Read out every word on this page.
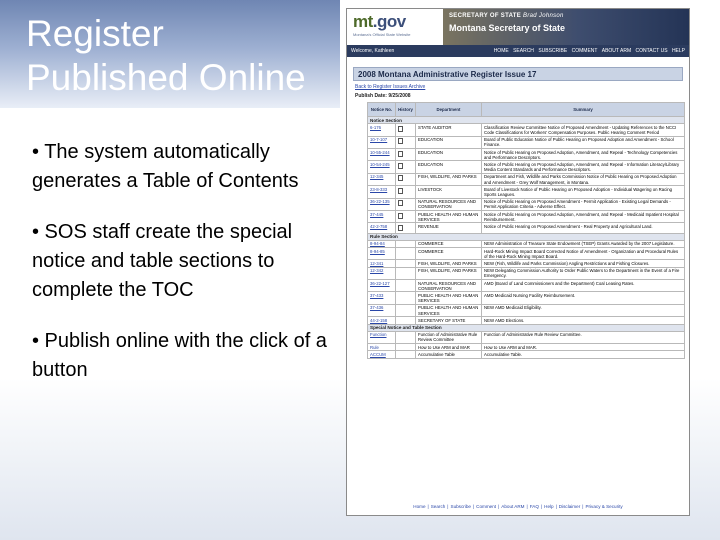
Register
Published Online
• The system automatically generates a Table of Contents
• SOS staff create the special notice and table sections to complete the TOC
• Publish online with the click of a button
mt.gov
Montana's Official State Website
SECRETARY OF STATE Brad Johnson
Montana Secretary of State
Welcome, Kathleen	HOME SEARCH SUBSCRIBE COMMENT ABOUT ARM CONTACT US HELP
2008 Montana Administrative Register Issue 17
Back to Register Issues Archive
Publish Date: 9/25/2008
Notice No.	History	Department	Summary
Notice Section			
6-176		STATE AUDITOR	Classification Review Committee Notice of Proposed Amendment - Updating References to the NCCI Code Classifications for Workers' Compensation Purposes. Public Hearing Comment Period
10-7-107		EDUCATION	Board of Public Education Notice of Public Hearing on Proposed Adoption and Amendment - School Finance.
10-55-244		EDUCATION	Notice of Public Hearing on Proposed Adoption, Amendment, and Repeal - Technology Competencies and Performance Descriptors.
10-54-245		EDUCATION	Notice of Public Hearing on Proposed Adoption, Amendment, and Repeal - Information Literacy/Library Media Content Standards and Performance Descriptors.
12-345		FISH, WILDLIFE, AND PARKS	Department and Fish, Wildlife and Parks Commission Notice of Public Hearing on Proposed Adoption and Amendment - Grey Wolf Management, in Montana.
23-8-333		LIVESTOCK	Board of Livestock Notice of Public Hearing on Proposed Adoption - Individual Wagering on Racing Sports Leagues.
36-22-135		NATURAL RESOURCES AND CONSERVATION	Notice of Public Hearing on Proposed Amendment - Permit Application - Existing Legal Demands - Permit Application Criteria - Adverse Effect.
37-445		PUBLIC HEALTH AND HUMAN SERVICES	Notice of Public Hearing on Proposed Adoption, Amendment, and Repeal - Medicaid Inpatient Hospital Reimbursement.
42-2-758		REVENUE	Notice of Public Hearing on Proposed Amendment - Real Property and Agricultural Land.
Rule Section			
8-94-84		COMMERCE	NEW Administration of Treasure State Endowment (TSEP) Grants Awarded by the 2007 Legislature.
8-94-85		COMMERCE	Hard-Rock Mining Impact Board Corrected Notice of Amendment - Organization and Procedural Rules of the Hard-Rock Mining Impact Board.
12-341		FISH, WILDLIFE, AND PARKS	NEW (Fish, Wildlife and Parks Commission) Angling Restrictions and Fishing Closures.
12-342		FISH, WILDLIFE, AND PARKS	NEW Delegating Commission Authority to Order Public Waters to the Department in the Event of a Fire Emergency.
36-22-127		NATURAL RESOURCES AND CONSERVATION	AMD (Board of Land Commissioners and the Department) Coal Leasing Rates.
37-433		PUBLIC HEALTH AND HUMAN SERVICES	AMD Medicaid Nursing Facility Reimbursement.
37-436		PUBLIC HEALTH AND HUMAN SERVICES	NEW AMD Medicaid Eligibility.
44-2-158		SECRETARY OF STATE	NEW AMD Elections.
Special Notice and Table Section			
Function		Function of Administrative Rule Review Committee	Function of Administrative Rule Review Committee.
Rule		How to Use ARM and MAR	How to Use ARM and MAR.
ACCUM		Accumulative Table	Accumulative Table.
Home | Search | Subscribe | Comment | About ARM | FAQ | Help | Disclaimer | Privacy & Security
